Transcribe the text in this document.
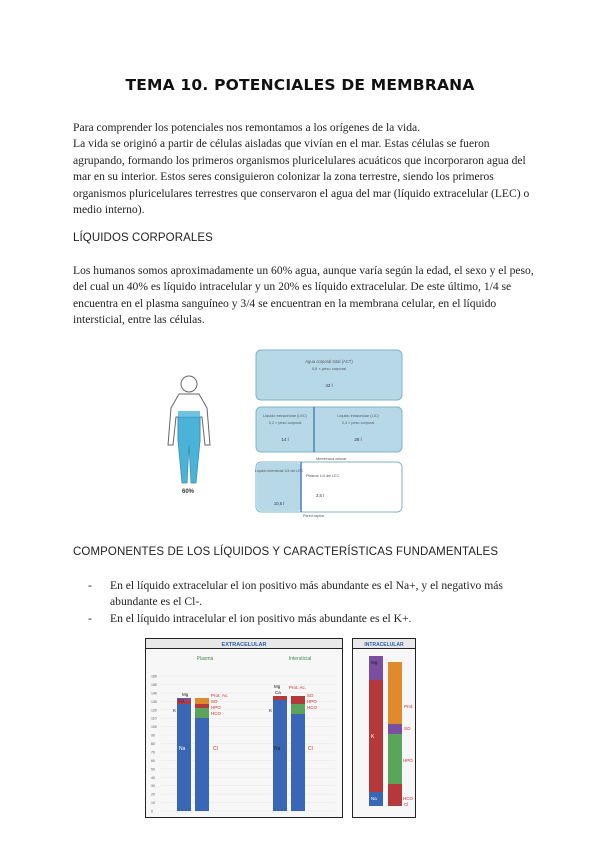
TEMA 10. POTENCIALES DE MEMBRANA

Para comprender los potenciales nos remontamos a los orígenes de la vida.

La vida se originó a partir de células aisladas que vivían en el mar. Estas células se fueron agrupando, formando los primeros organismos pluricelulares acuáticos que incorporaron agua del mar en su interior. Estos seres consiguieron colonizar la zona terrestre, siendo los primeros organismos pluricelulares terrestres que conservaron el agua del mar (líquido extracelular (LEC) o medio interno).

LÍQUIDOS CORPORALES

Los humanos somos aproximadamente un 60% agua, aunque varía según la edad, el sexo y el peso, del cual un 40% es líquido intracelular y un 20% es líquido extracelular. De este último, 1/4 se encuentra en el plasma sanguíneo y 3/4 se encuentran en la membrana celular, en el líquido intersticial, entre las células.

60%
Agua corporal total (ACT)
0,6 × peso corporal
42 l
Líquido extracelular (LEC)
0,2 × peso corporal
14 l
Líquido intracelular (LIC)
0,4 × peso corporal
28 l
Membrana celular
Líquido intersticial 3/4 del LEC
10,5 l
Plasma 1/4 del LEC
3,5 l
Pared capilar
COMPONENTES DE LOS LÍQUIDOS Y CARACTERÍSTICAS FUNDAMENTALES
- En el líquido extracelular el ion positivo más abundante es el Na+, y el negativo más abundante es el Cl-.
- En el líquido intracelular el ion positivo más abundante es el K+.
EXTRACELULAR
Plasma	Intersticial
160
150
140
130
120
110
100
90
80
70
60
50
40
30
20
10
0
Mg
Ca
K
Na
Prot. Ac.
SO
HPO
HCO
Cl
Mg
Ca
K
Na
Prot. Ac.
SO
HPO
HCO
Cl
INTRACELULAR
Mg
K
Na
Prot.
SO
HPO
HCO
Cl
